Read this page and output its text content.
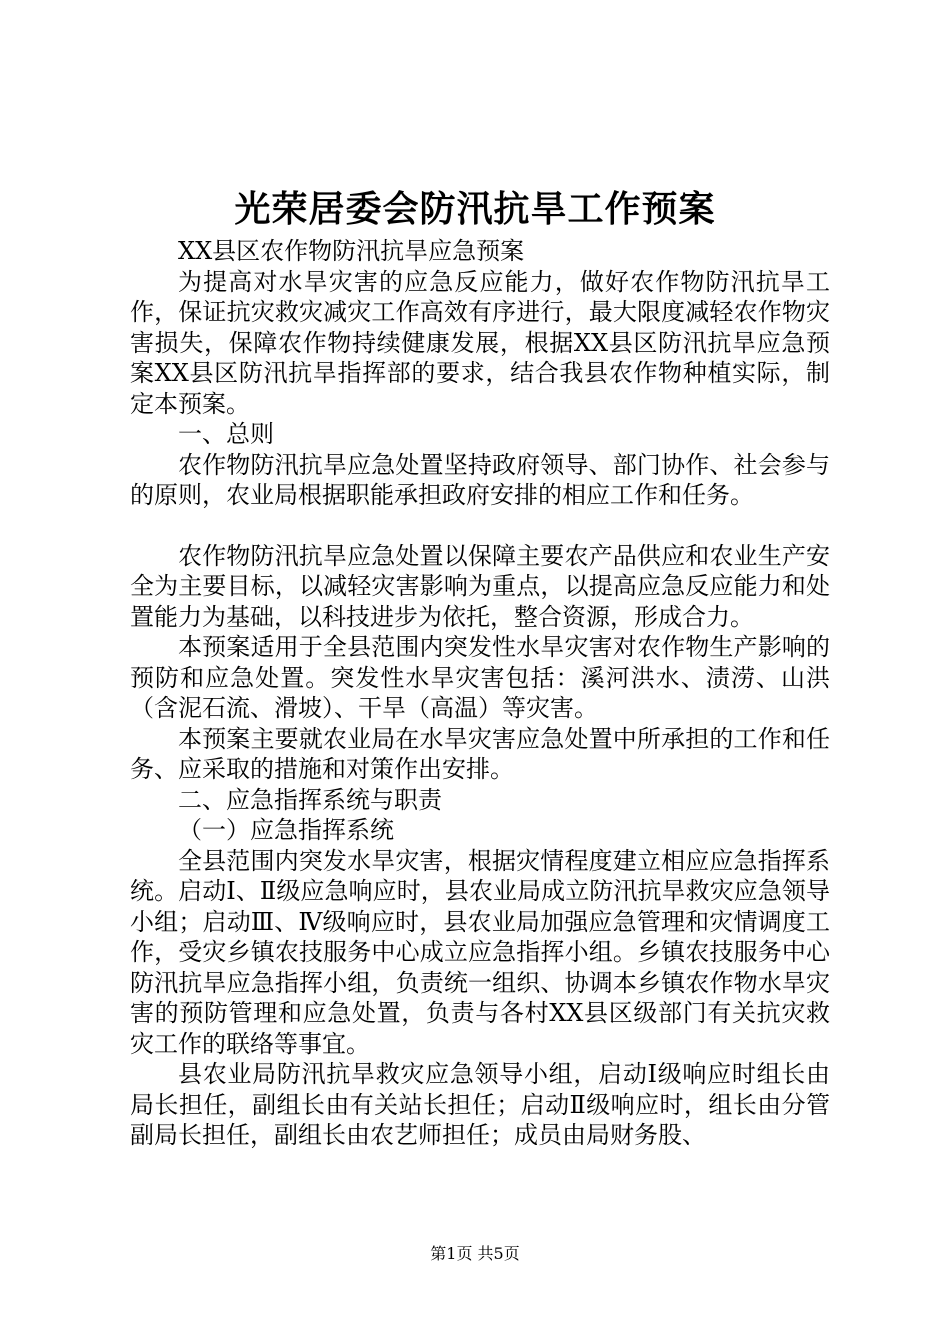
光荣居委会防汛抗旱工作预案

XX县区农作物防汛抗旱应急预案

为提高对水旱灾害的应急反应能力，做好农作物防汛抗旱工作，保证抗灾救灾减灾工作高效有序进行，最大限度减轻农作物灾害损失，保障农作物持续健康发展，根据XX县区防汛抗旱应急预案XX县区防汛抗旱指挥部的要求，结合我县农作物种植实际，制定本预案。

一、总则

农作物防汛抗旱应急处置坚持政府领导、部门协作、社会参与的原则，农业局根据职能承担政府安排的相应工作和任务。

农作物防汛抗旱应急处置以保障主要农产品供应和农业生产安全为主要目标，以减轻灾害影响为重点，以提高应急反应能力和处置能力为基础，以科技进步为依托，整合资源，形成合力。

本预案适用于全县范围内突发性水旱灾害对农作物生产影响的预防和应急处置。突发性水旱灾害包括：溪河洪水、渍涝、山洪（含泥石流、滑坡）、干旱（高温）等灾害。

本预案主要就农业局在水旱灾害应急处置中所承担的工作和任务、应采取的措施和对策作出安排。

二、应急指挥系统与职责

（一）应急指挥系统

全县范围内突发水旱灾害，根据灾情程度建立相应应急指挥系统。启动Ⅰ、Ⅱ级应急响应时，县农业局成立防汛抗旱救灾应急领导小组；启动Ⅲ、Ⅳ级响应时，县农业局加强应急管理和灾情调度工作，受灾乡镇农技服务中心成立应急指挥小组。乡镇农技服务中心防汛抗旱应急指挥小组，负责统一组织、协调本乡镇农作物水旱灾害的预防管理和应急处置，负责与各村XX县区级部门有关抗灾救灾工作的联络等事宜。

县农业局防汛抗旱救灾应急领导小组，启动Ⅰ级响应时组长由局长担任，副组长由有关站长担任；启动Ⅱ级响应时，组长由分管副局长担任，副组长由农艺师担任；成员由局财务股、

第1页 共5页
